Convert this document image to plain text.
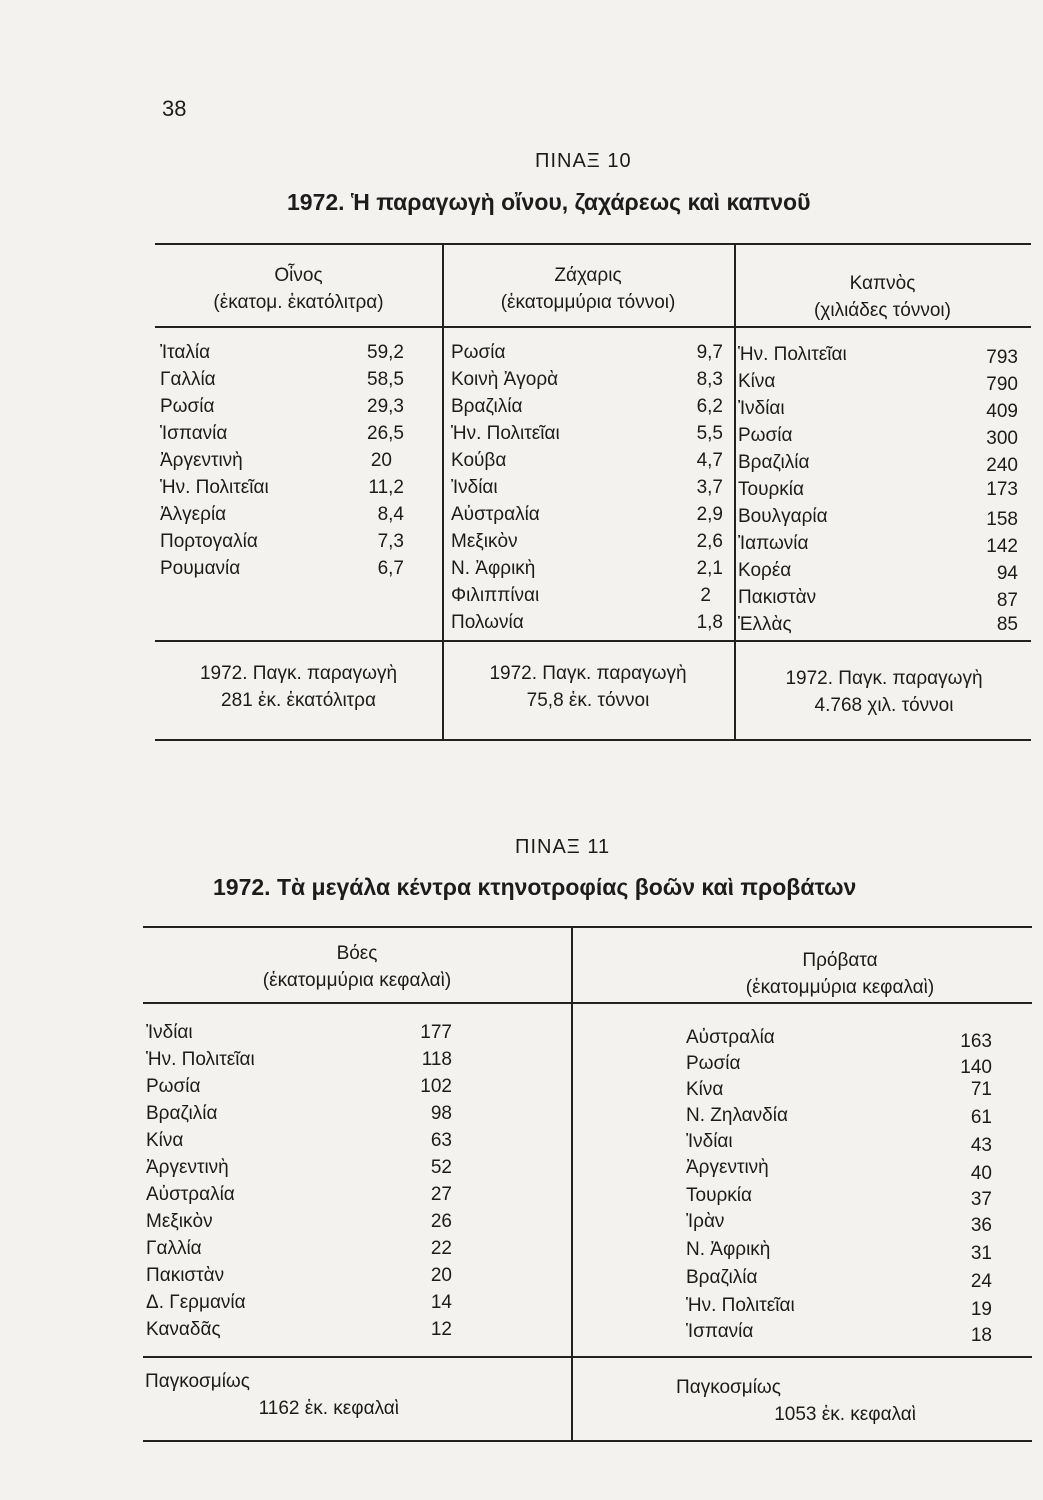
38
ΠΙΝΑΞ 10
1972. Ἡ παραγωγὴ οἴνου, ζαχάρεως καὶ καπνοῦ
Οἶνος
(ἑκατομ. ἑκατόλιτρα)
Ζάχαρις
(ἑκατομμύρια τόννοι)
Καπνὸς
(χιλιάδες τόννοι)
Ἰταλία	59,2
Γαλλία	58,5
Ρωσία	29,3
Ἱσπανία	26,5
Ἀργεντινὴ	20
Ἡν. Πολιτεῖαι	11,2
Ἀλγερία	8,4
Πορτογαλία	7,3
Ρουμανία	6,7
Ρωσία	9,7
Κοινὴ Ἀγορὰ	8,3
Βραζιλία	6,2
Ἡν. Πολιτεῖαι	5,5
Κούβα	4,7
Ἰνδίαι	3,7
Αὐστραλία	2,9
Μεξικὸν	2,6
Ν. Ἀφρικὴ	2,1
Φιλιππίναι	2
Πολωνία	1,8
Ἡν. Πολιτεῖαι	793
Κίνα	790
Ἰνδίαι	409
Ρωσία	300
Βραζιλία	240
Τουρκία	173
Βουλγαρία	158
Ἰαπωνία	142
Κορέα	94
Πακιστὰν	87
Ἑλλὰς	85
1972. Παγκ. παραγωγὴ
281 ἑκ. ἑκατόλιτρα
1972. Παγκ. παραγωγὴ
75,8 ἑκ. τόννοι
1972. Παγκ. παραγωγὴ
4.768 χιλ. τόννοι
ΠΙΝΑΞ 11
1972. Τὰ μεγάλα κέντρα κτηνοτροφίας βοῶν καὶ προβάτων
Βόες
(ἑκατομμύρια κεφαλαὶ)
Πρόβατα
(ἑκατομμύρια κεφαλαὶ)
Ἰνδίαι	177
Ἡν. Πολιτεῖαι	118
Ρωσία	102
Βραζιλία	98
Κίνα	63
Ἀργεντινὴ	52
Αὐστραλία	27
Μεξικὸν	26
Γαλλία	22
Πακιστὰν	20
Δ. Γερμανία	14
Καναδᾶς	12
Αὐστραλία	163
Ρωσία	140
Κίνα	71
Ν. Ζηλανδία	61
Ἰνδίαι	43
Ἀργεντινὴ	40
Τουρκία	37
Ἰρὰν	36
Ν. Ἀφρικὴ	31
Βραζιλία	24
Ἡν. Πολιτεῖαι	19
Ἱσπανία	18
Παγκοσμίως
1162 ἑκ. κεφαλαὶ
Παγκοσμίως
1053 ἑκ. κεφαλαὶ
